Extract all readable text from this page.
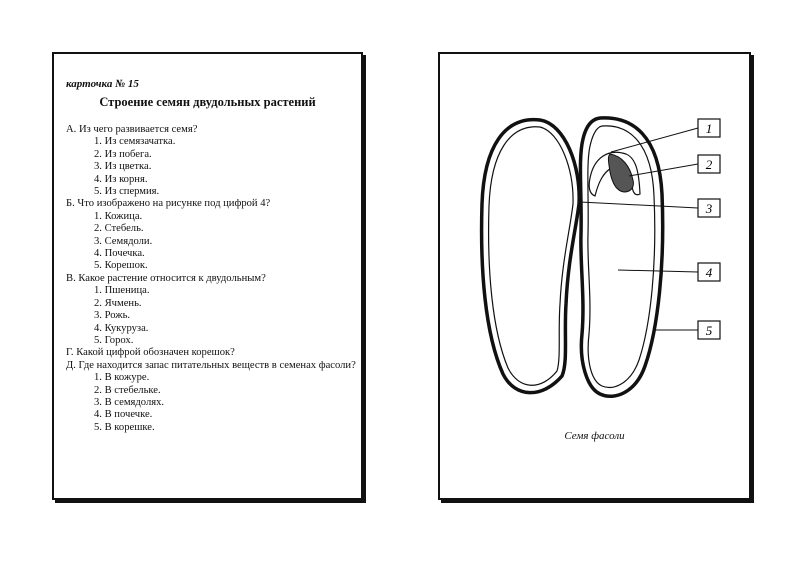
карточка № 15
Строение семян двудольных растений
А. Из чего развивается семя?
1. Из семязачатка.
2. Из побега.
3. Из цветка.
4. Из корня.
5. Из спермия.
Б. Что изображено на рисунке под цифрой 4?
1. Кожица.
2. Стебель.
3. Семядоли.
4. Почечка.
5. Корешок.
В. Какое растение относится к двудольным?
1. Пшеница.
2. Ячмень.
3. Рожь.
4. Кукуруза.
5. Горох.
Г. Какой цифрой обозначен корешок?
Д. Где находится запас питательных веществ в семенах фасоли?
1. В кожуре.
2. В стебельке.
3. В семядолях.
4. В почечке.
5. В корешке.
1
2
3
4
5
Семя фасоли
